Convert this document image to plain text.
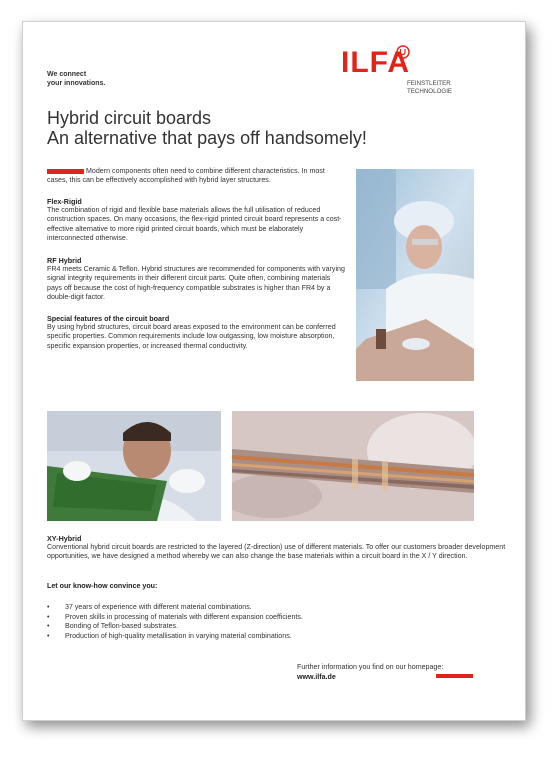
We connect
your innovations.
ILFA
FEINSTLEITER
TECHNOLOGIE
Hybrid circuit boards
An alternative that pays off handsomely!
Modern components often need to combine different characteristics. In most cases, this can be effectively accomplished with hybrid layer structures.
Flex-Rigid

The combination of rigid and flexible base materials allows the full utilisation of reduced construction spaces. On many occasions, the flex-rigid printed circuit board represents a cost-effective alternative to more rigid printed circuit boards, which must be elaborately interconnected otherwise.

RF Hybrid

FR4 meets Ceramic & Teflon. Hybrid structures are recommended for components with varying signal integrity requirements in their different circuit parts. Quite often, combining materials pays off because the cost of high-frequency compatible substrates is higher than FR4 by a double-digit factor.

Special features of the circuit board

By using hybrid structures, circuit board areas exposed to the environment can be conferred specific properties. Common requirements include low outgassing, low moisture absorption, specific expansion properties, or increased thermal conductivity.

XY-Hybrid

Conventional hybrid circuit boards are restricted to the layered (Z-direction) use of different materials. To offer our customers broader development opportunities, we have designed a method whereby we can also change the base materials within a circuit board in the X / Y direction.

Let our know-how convince you:
• 37 years of experience with different material combinations.
• Proven skills in processing of materials with different expansion coefficients.
• Bonding of Teflon-based substrates.
• Production of high-quality metallisation in varying material combinations.
Further information you find on our homepage:
www.ilfa.de
